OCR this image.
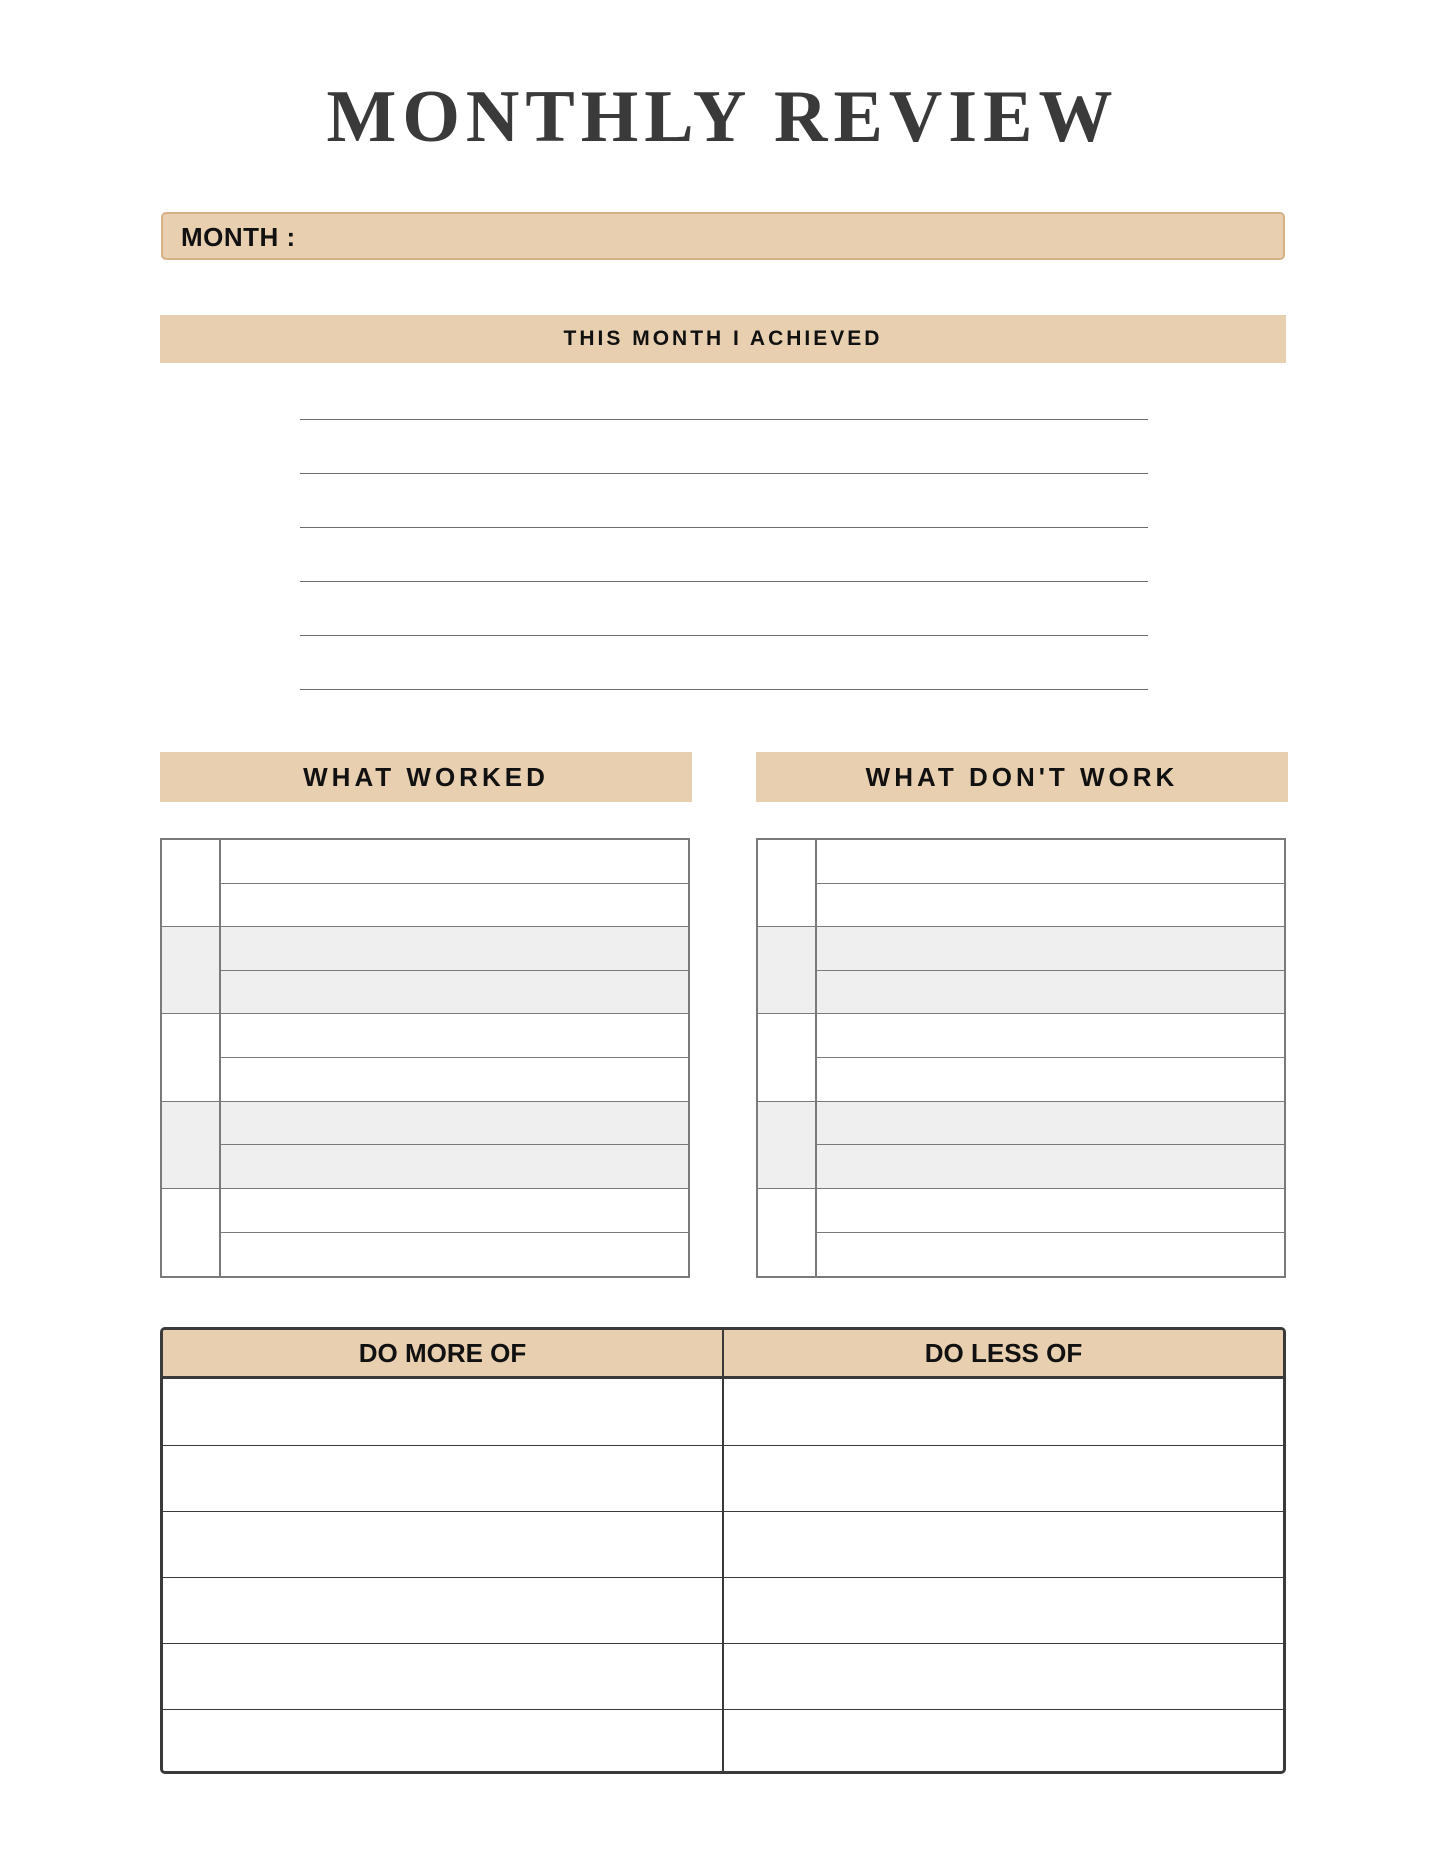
MONTHLY REVIEW
MONTH :
THIS MONTH I ACHIEVED
WHAT WORKED	WHAT DON'T WORK
DO MORE OF	DO LESS OF
